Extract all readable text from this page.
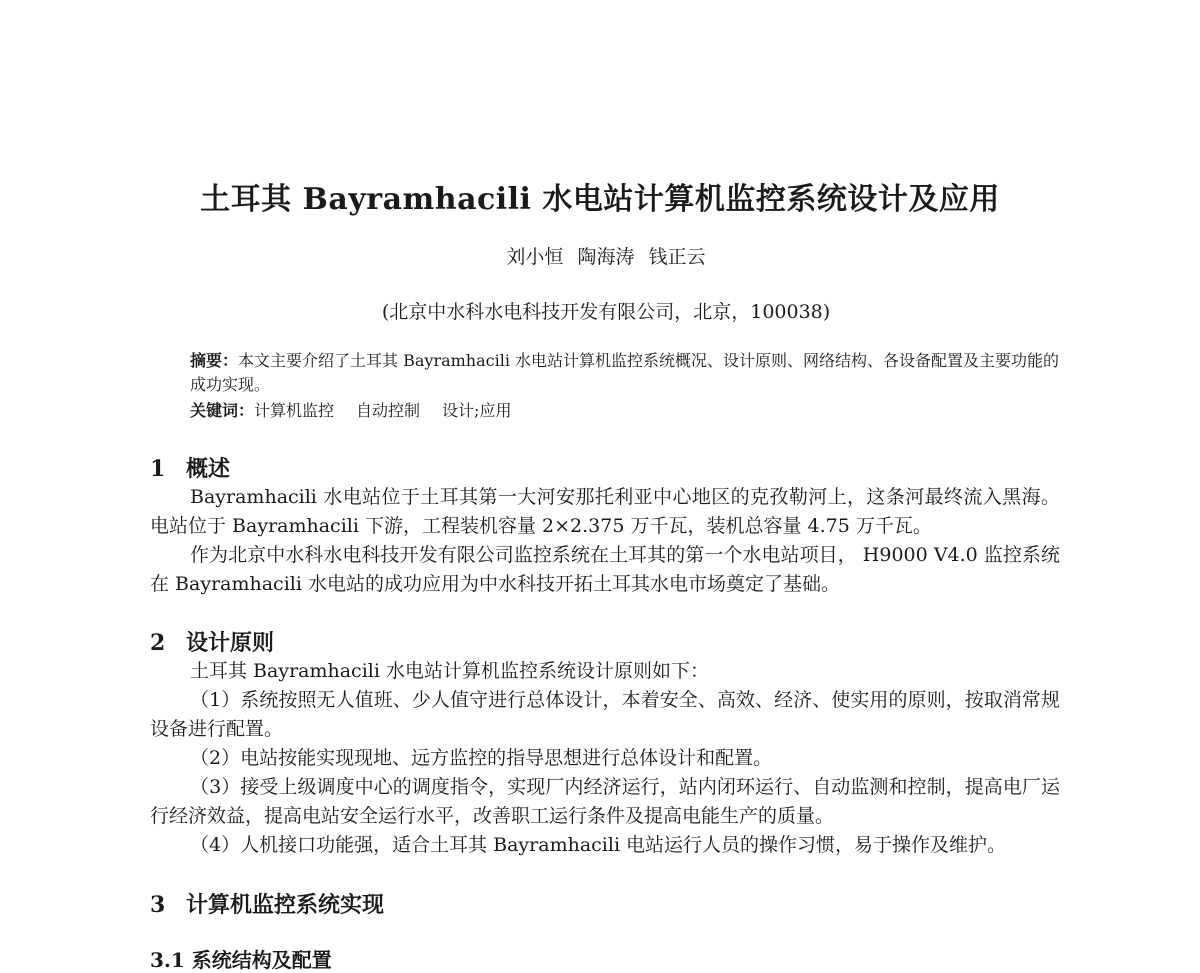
土耳其 Bayramhacili 水电站计算机监控系统设计及应用
刘小恒 陶海涛 钱正云
(北京中水科水电科技开发有限公司，北京，100038)
摘要：本文主要介绍了土耳其 Bayramhacili 水电站计算机监控系统概况、设计原则、网络结构、各设备配置及主要功能的成功实现。
关键词：计算机监控 自动控制 设计;应用
1 概述
Bayramhacili 水电站位于土耳其第一大河安那托利亚中心地区的克孜勒河上，这条河最终流入黑海。电站位于 Bayramhacili 下游，工程装机容量 2×2.375 万千瓦，装机总容量 4.75 万千瓦。
作为北京中水科水电科技开发有限公司监控系统在土耳其的第一个水电站项目， H9000 V4.0 监控系统在 Bayramhacili 水电站的成功应用为中水科技开拓土耳其水电市场奠定了基础。
2 设计原则
土耳其 Bayramhacili 水电站计算机监控系统设计原则如下：
（1）系统按照无人值班、少人值守进行总体设计，本着安全、高效、经济、使实用的原则，按取消常规设备进行配置。
（2）电站按能实现现地、远方监控的指导思想进行总体设计和配置。
（3）接受上级调度中心的调度指令，实现厂内经济运行，站内闭环运行、自动监测和控制，提高电厂运行经济效益，提高电站安全运行水平，改善职工运行条件及提高电能生产的质量。
（4）人机接口功能强，适合土耳其 Bayramhacili 电站运行人员的操作习惯，易于操作及维护。
3 计算机监控系统实现
3.1 系统结构及配置
